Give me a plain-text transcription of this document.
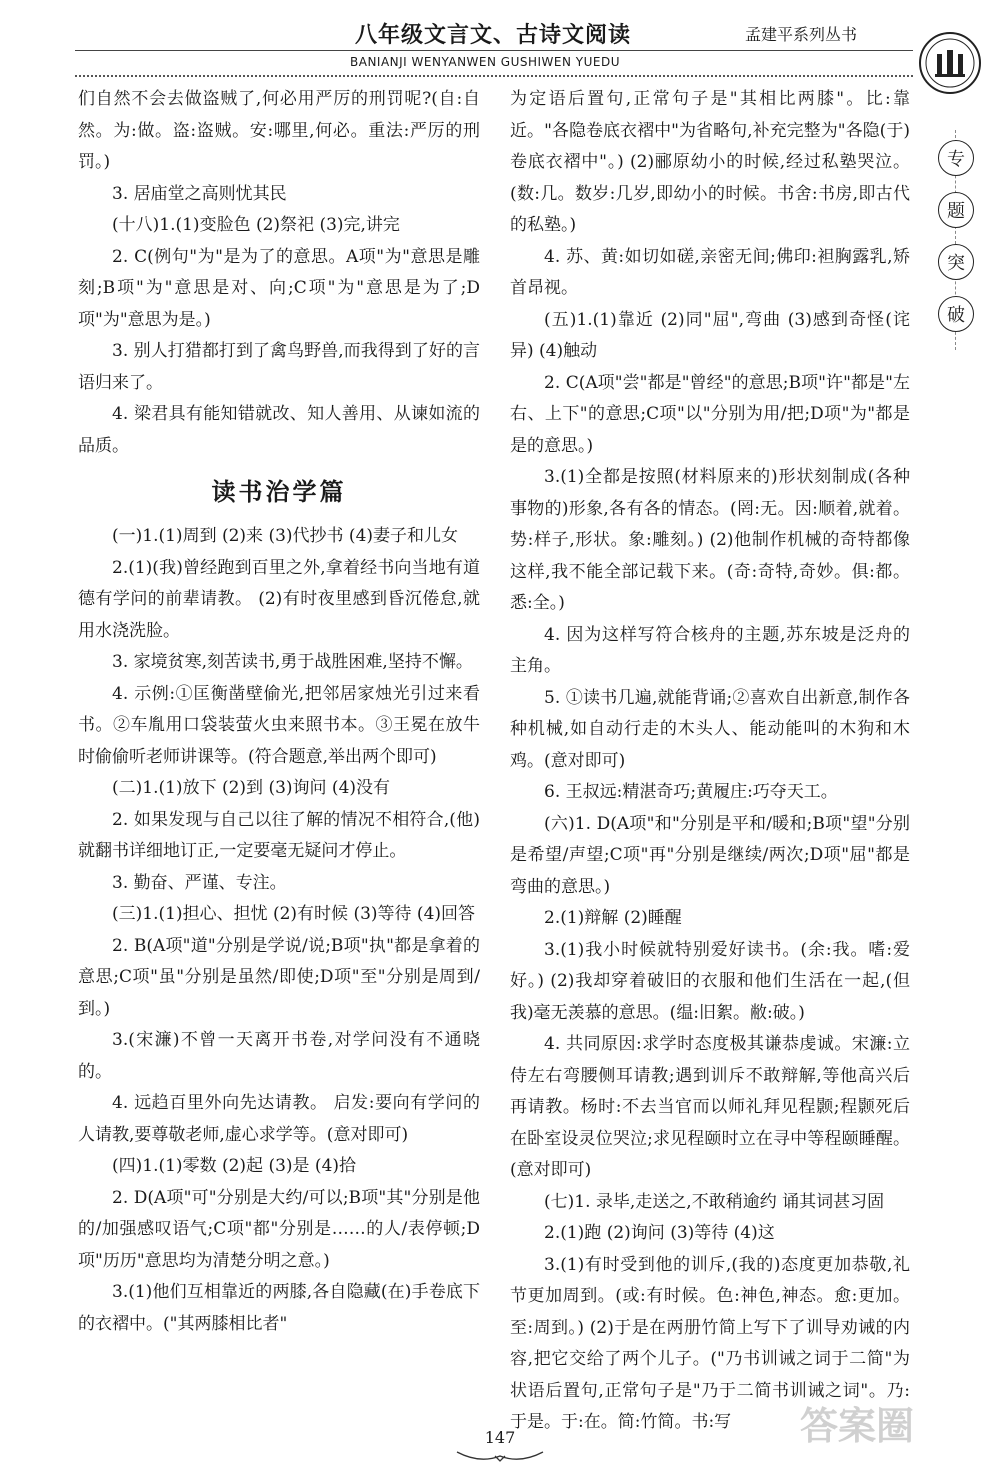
八年级文言文、古诗文阅读	孟建平系列丛书
BANIANJI WENYANWEN GUSHIWEN YUEDU
专
题
突
破

们自然不会去做盗贼了,何必用严厉的刑罚呢?(自:自然。为:做。盗:盗贼。安:哪里,何必。重法:严厉的刑罚。)

3. 居庙堂之高则忧其民

(十八)1.(1)变脸色 (2)祭祀 (3)完,讲完

2. C(例句"为"是为了的意思。A项"为"意思是雕刻;B项"为"意思是对、向;C项"为"意思是为了;D项"为"意思为是。)

3. 别人打猎都打到了禽鸟野兽,而我得到了好的言语归来了。

4. 梁君具有能知错就改、知人善用、从谏如流的品质。

读书治学篇

(一)1.(1)周到 (2)来 (3)代抄书 (4)妻子和儿女

2.(1)(我)曾经跑到百里之外,拿着经书向当地有道德有学问的前辈请教。 (2)有时夜里感到昏沉倦怠,就用水浇洗脸。

3. 家境贫寒,刻苦读书,勇于战胜困难,坚持不懈。

4. 示例:①匡衡凿壁偷光,把邻居家烛光引过来看书。②车胤用口袋装萤火虫来照书本。③王冕在放牛时偷偷听老师讲课等。(符合题意,举出两个即可)

(二)1.(1)放下 (2)到 (3)询问 (4)没有

2. 如果发现与自己以往了解的情况不相符合,(他)就翻书详细地订正,一定要毫无疑问才停止。

3. 勤奋、严谨、专注。

(三)1.(1)担心、担忧 (2)有时候 (3)等待 (4)回答

2. B(A项"道"分别是学说/说;B项"执"都是拿着的意思;C项"虽"分别是虽然/即使;D项"至"分别是周到/到。)

3.(宋濂)不曾一天离开书卷,对学问没有不通晓的。

4. 远趋百里外向先达请教。 启发:要向有学问的人请教,要尊敬老师,虚心求学等。(意对即可)

(四)1.(1)零数 (2)起 (3)是 (4)拾

2. D(A项"可"分别是大约/可以;B项"其"分别是他的/加强感叹语气;C项"都"分别是……的人/表停顿;D项"历历"意思均为清楚分明之意。)

3.(1)他们互相靠近的两膝,各自隐藏(在)手卷底下的衣褶中。("其两膝相比者"

为定语后置句,正常句子是"其相比两膝"。比:靠近。"各隐卷底衣褶中"为省略句,补充完整为"各隐(于)卷底衣褶中"。) (2)郦原幼小的时候,经过私塾哭泣。(数:几。数岁:几岁,即幼小的时候。书舍:书房,即古代的私塾。)

4. 苏、黄:如切如磋,亲密无间;佛印:袒胸露乳,矫首昂视。

(五)1.(1)靠近 (2)同"屈",弯曲 (3)感到奇怪(诧异) (4)触动

2. C(A项"尝"都是"曾经"的意思;B项"许"都是"左右、上下"的意思;C项"以"分别为用/把;D项"为"都是是的意思。)

3.(1)全都是按照(材料原来的)形状刻制成(各种事物的)形象,各有各的情态。(罔:无。因:顺着,就着。势:样子,形状。象:雕刻。) (2)他制作机械的奇特都像这样,我不能全部记载下来。(奇:奇特,奇妙。俱:都。悉:全。)

4. 因为这样写符合核舟的主题,苏东坡是泛舟的主角。

5. ①读书几遍,就能背诵;②喜欢自出新意,制作各种机械,如自动行走的木头人、能动能叫的木狗和木鸡。(意对即可)

6. 王叔远:精湛奇巧;黄履庄:巧夺天工。

(六)1. D(A项"和"分别是平和/暖和;B项"望"分别是希望/声望;C项"再"分别是继续/两次;D项"屈"都是弯曲的意思。)

2.(1)辩解 (2)睡醒

3.(1)我小时候就特别爱好读书。(余:我。嗜:爱好。) (2)我却穿着破旧的衣服和他们生活在一起,(但我)毫无羡慕的意思。(缊:旧絮。敝:破。)

4. 共同原因:求学时态度极其谦恭虔诚。宋濂:立侍左右弯腰侧耳请教;遇到训斥不敢辩解,等他高兴后再请教。杨时:不去当官而以师礼拜见程颢;程颢死后在卧室设灵位哭泣;求见程颐时立在寻中等程颐睡醒。(意对即可)

(七)1. 录毕,走送之,不敢稍逾约 诵其词甚习固

2.(1)跑 (2)询问 (3)等待 (4)这

3.(1)有时受到他的训斥,(我的)态度更加恭敬,礼节更加周到。(或:有时候。色:神色,神态。愈:更加。至:周到。) (2)于是在两册竹简上写下了训导劝诫的内容,把它交给了两个儿子。("乃书训诫之词于二简"为状语后置句,正常句子是"乃于二简书训诫之词"。乃:于是。于:在。简:竹简。书:写

147	答案圈
